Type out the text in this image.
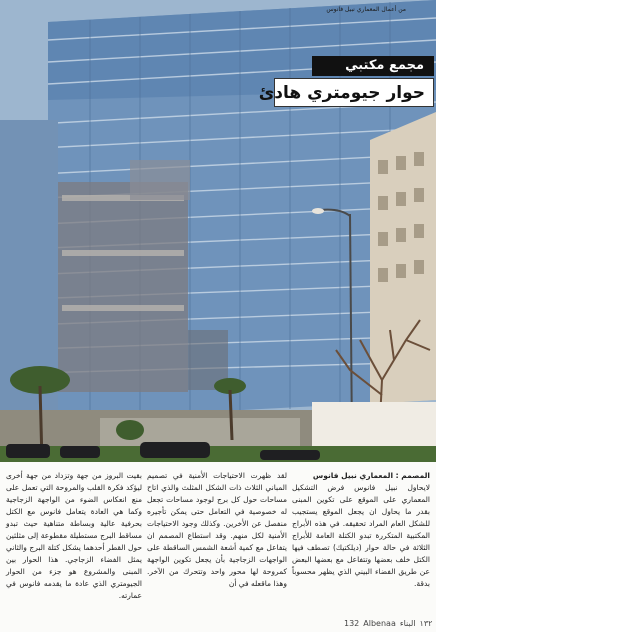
من أعمال المعماري نبيل فانوس
مجمع مكتبي
حوار جيومتري هادئ
المصمم : المعماري نبيل فانوس

لايحاول نبيل فانوس فرض التشكيل المعماري على الموقع على تكوين المبنى بقدر ما يحاول ان يجعل الموقع يستجيب للشكل العام المراد تحقيقه. في هذه الأبراج المكتبية المتكررة تبدو الكتلة العامة للأبراج الثلاثة في حالة حوار (ديلكتيك) تصطف فيها الكتل خلف بعضها وتتفاعل مع بعضها البعض عن طريق الفضاء البيني الذي يظهر محسوباً بدقة.

لقد ظهرت الاحتياجات الأمنية في تصميم المباني الثلاث ذات الشكل المثلث والذي اتاح مساحات حول كل برج لوجود مساحات تجعل له خصوصية في التعامل حتى يمكن تأجيره منفصل عن الأخرين. وكذلك وجود الاحتياجات الأمنية لكل منهم. وقد استطاع المصمم ان يتفاعل مع كمية أشعة الشمس الساقطة على الواجهات الزجاجية بأن يجعل تكوين الواجهة كمروحة لها محور واحد وتتحرك من الآخر. وهذا ماقعله في أن

بقيت البروز من جهة وتزداد من جهة أخرى ليؤكد فكرة القلب والمروحة التي تعمل على منع انعكاس الضوء من الواجهة الزجاجية وكما هي العادة يتعامل فانوس مع الكتل بحرفية عالية وبساطة متناهية حيث تبدو مساقط البرج مستطيلة مقطوعة إلى مثلثين حول القطر أحدهما يشكل كتلة البرج والثاني يمثل الفضاء الزجاجي. هذا الحوار بين المبنى والمشروع هو جزء من الحوار الجيومتري الذي عادة ما يقدمه فانوس في عمارته.

132 Albenaa	١٣٢البناء
